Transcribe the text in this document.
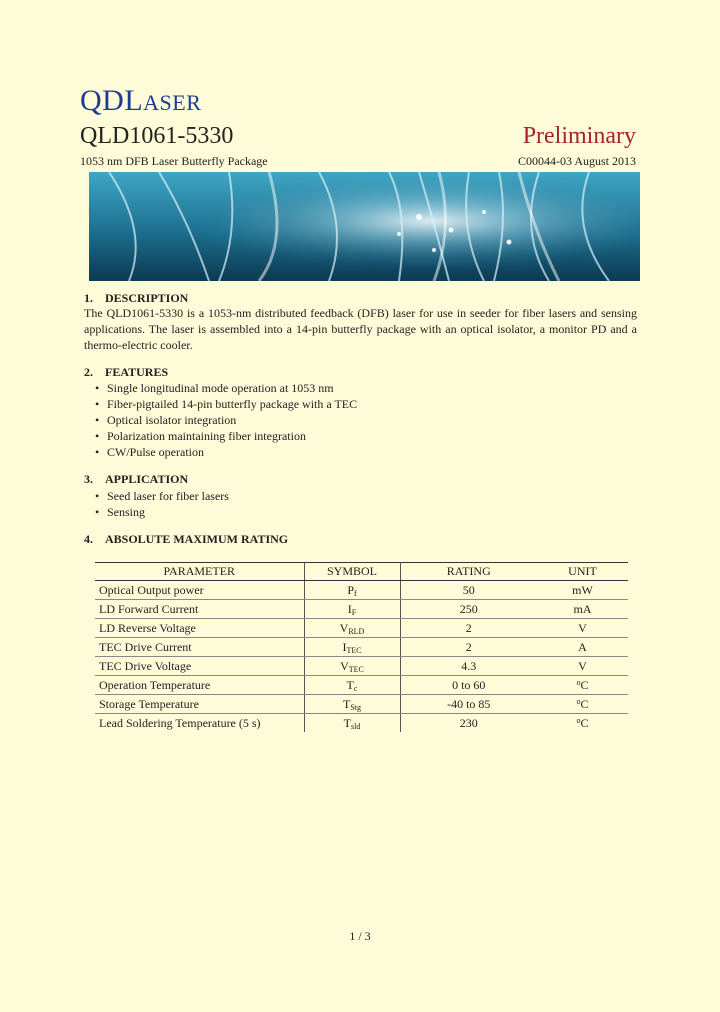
QDLASER
QLD1061-5330	Preliminary
1053 nm DFB Laser Butterfly Package	C00044-03 August 2013
1. DESCRIPTION
The QLD1061-5330 is a 1053-nm distributed feedback (DFB) laser for use in seeder for fiber lasers and sensing applications. The laser is assembled into a 14-pin butterfly package with an optical isolator, a monitor PD and a thermo-electric cooler.
2. FEATURES
• Single longitudinal mode operation at 1053 nm
• Fiber-pigtailed 14-pin butterfly package with a TEC
• Optical isolator integration
• Polarization maintaining fiber integration
• CW/Pulse operation
3. APPLICATION
• Seed laser for fiber lasers
• Sensing
4. ABSOLUTE MAXIMUM RATING
PARAMETER	SYMBOL	RATING	UNIT
Optical Output power	$P_f$	50	mW
LD Forward Current	$I_F$	250	mA
LD Reverse Voltage	$V_{RLD}$	2	V
TEC Drive Current	$I_{TEC}$	2	A
TEC Drive Voltage	$V_{TEC}$	4.3	V
Operation Temperature	$T_c$	0 to 60	$^o$C
Storage Temperature	$T_{Stg}$	-40 to 85	$^o$C
Lead Soldering Temperature (5 s)	$T_{sld}$	230	$^o$C
1 / 3
